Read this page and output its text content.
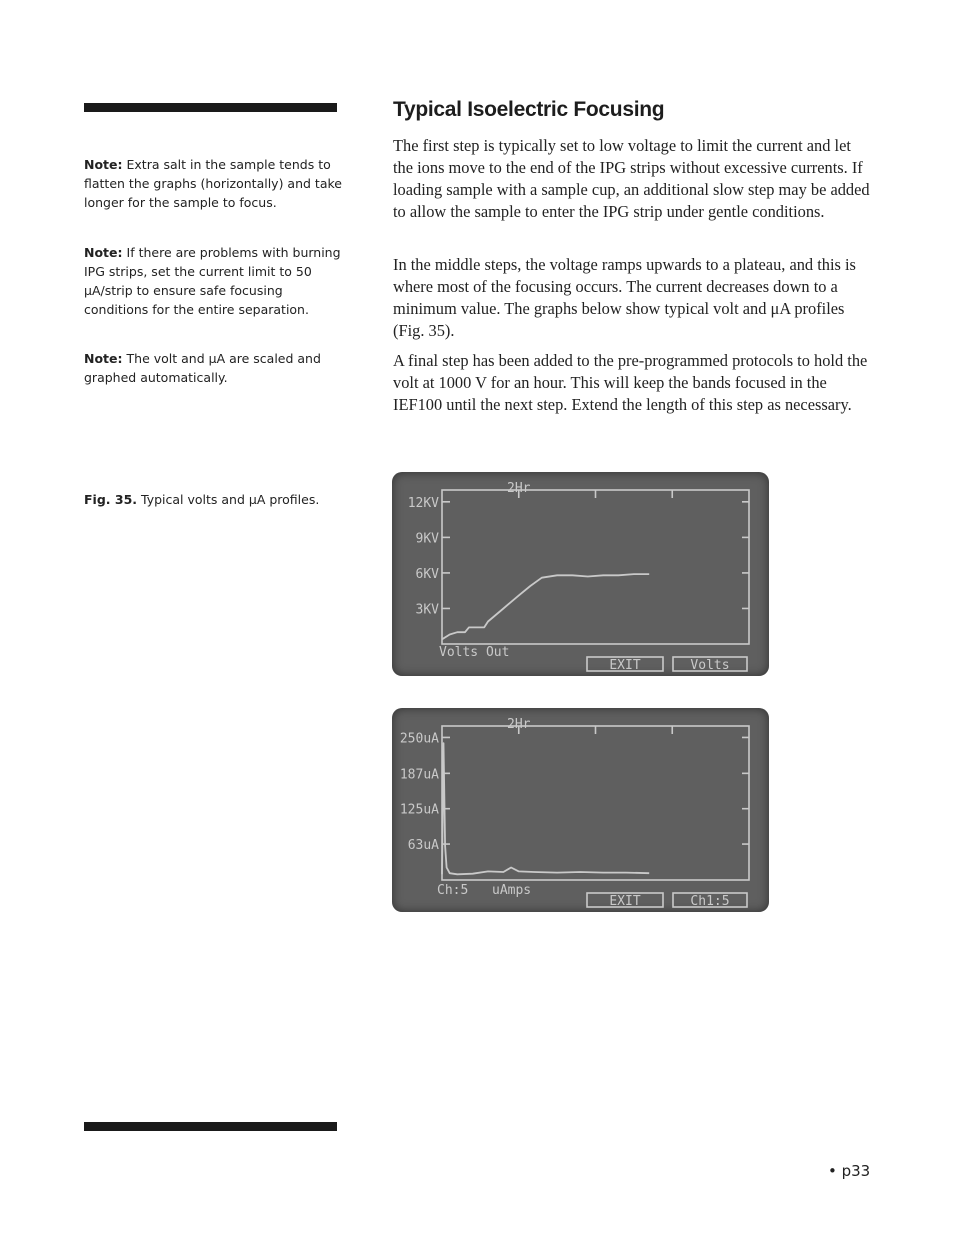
Note: Extra salt in the sample tends to flatten the graphs (horizontally) and take longer for the sample to focus.
Note: If there are problems with burning IPG strips, set the current limit to 50 μA/strip to ensure safe focusing conditions for the entire separation.
Note: The volt and μA are scaled and graphed automatically.
Fig. 35. Typical volts and μA profiles.
Typical Isoelectric Focusing

The first step is typically set to low voltage to limit the current and let the ions move to the end of the IPG strips without excessive currents. If loading sample with a sample cup, an additional slow step may be added to allow the sample to enter the IPG strip under gentle conditions.

In the middle steps, the voltage ramps upwards to a plateau, and this is where most of the focusing occurs. The current decreases down to a minimum value. The graphs below show typical volt and μA profiles (Fig. 35).

A final step has been added to the pre-programmed protocols to hold the volt at 1000 V for an hour. This will keep the bands focused in the IEF100 until the next step. Extend the length of this step as necessary.

12KV
9KV
6KV
3KV
2Hr
Volts Out
EXIT	Volts
250uA
187uA
125uA
63uA
2Hr
Ch:5 uAmps
EXIT	Ch1:5
• p33
